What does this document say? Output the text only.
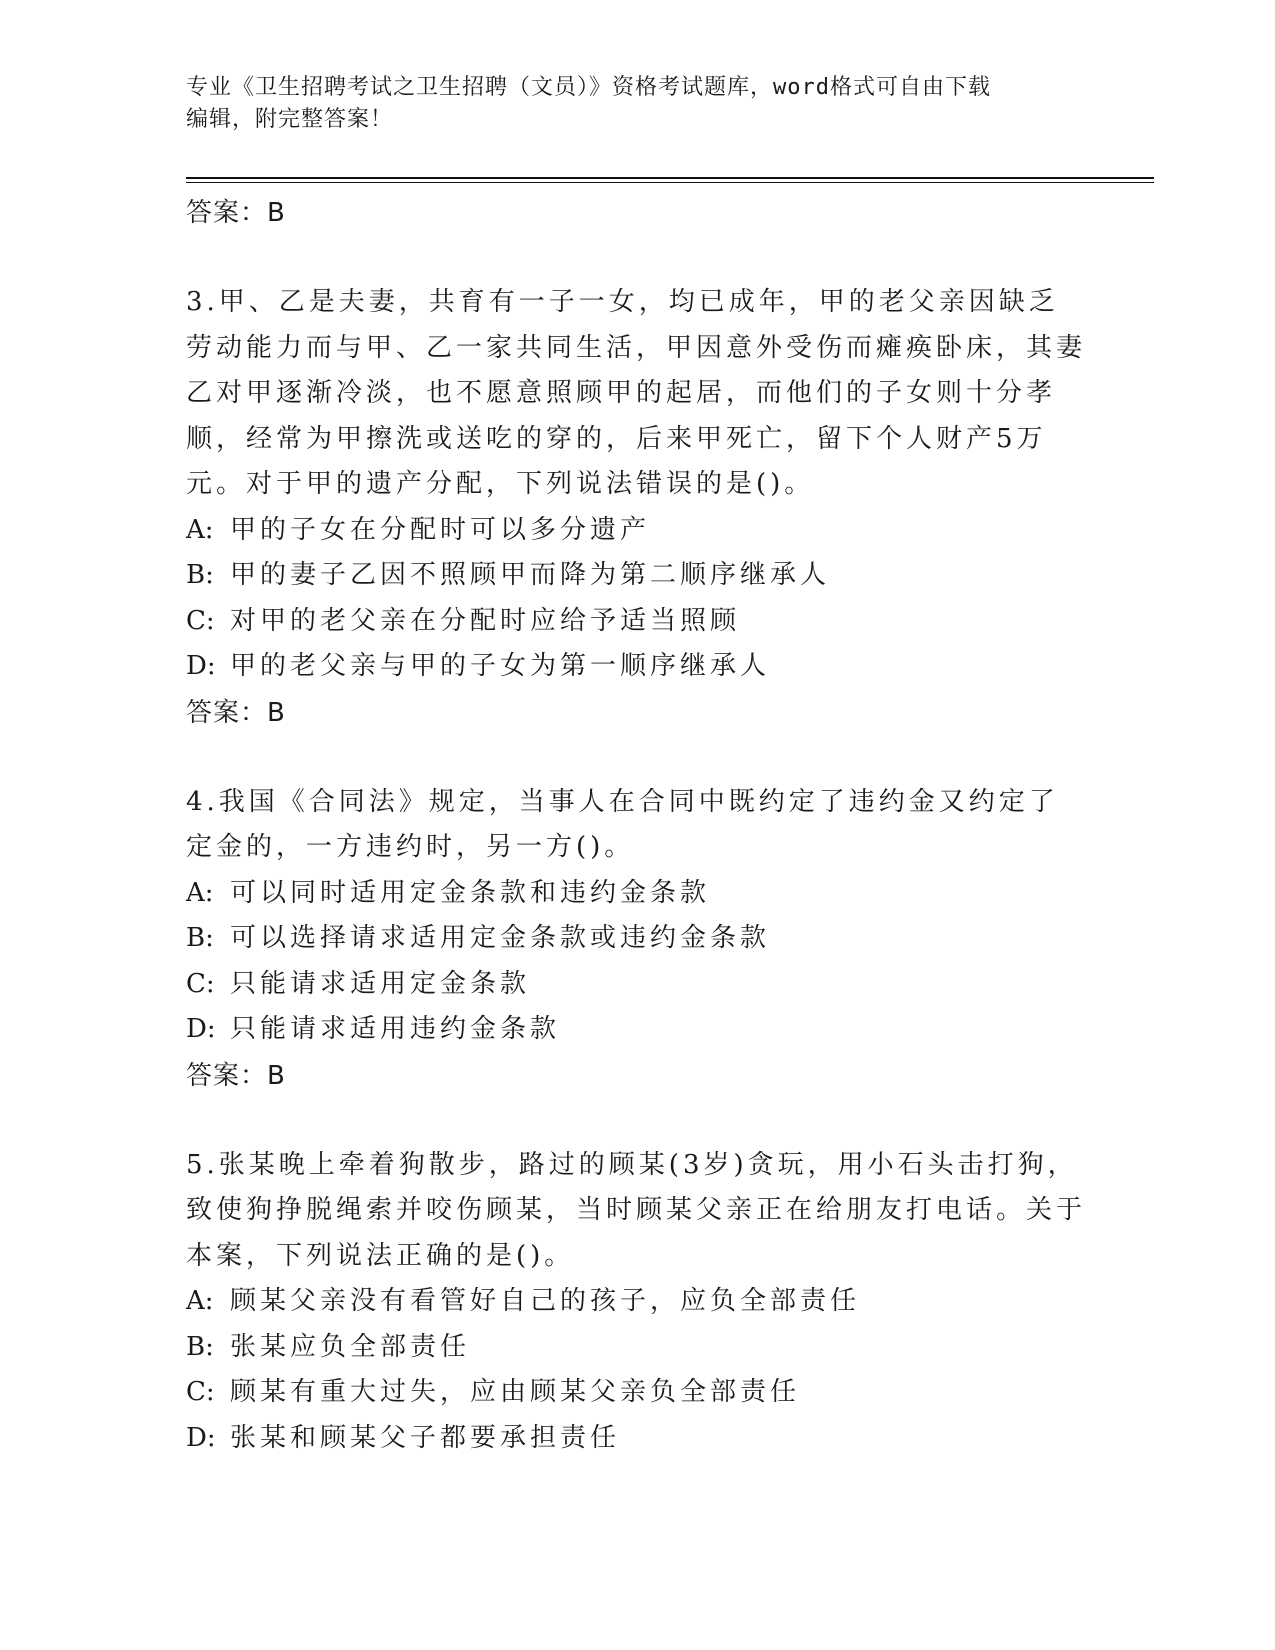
专业《卫生招聘考试之卫生招聘（文员）》资格考试题库，word格式可自由下载
编辑，附完整答案！
答案：B

3.甲、乙是夫妻，共育有一子一女，均已成年，甲的老父亲因缺乏劳动能力而与甲、乙一家共同生活，甲因意外受伤而瘫痪卧床，其妻乙对甲逐渐冷淡，也不愿意照顾甲的起居，而他们的子女则十分孝顺，经常为甲擦洗或送吃的穿的，后来甲死亡，留下个人财产5万元。对于甲的遗产分配，下列说法错误的是()。

A: 甲的子女在分配时可以多分遗产
B: 甲的妻子乙因不照顾甲而降为第二顺序继承人
C: 对甲的老父亲在分配时应给予适当照顾
D: 甲的老父亲与甲的子女为第一顺序继承人
答案：B

4.我国《合同法》规定，当事人在合同中既约定了违约金又约定了定金的，一方违约时，另一方()。

A: 可以同时适用定金条款和违约金条款
B: 可以选择请求适用定金条款或违约金条款
C: 只能请求适用定金条款
D: 只能请求适用违约金条款
答案：B

5.张某晚上牵着狗散步，路过的顾某(3岁)贪玩，用小石头击打狗，致使狗挣脱绳索并咬伤顾某，当时顾某父亲正在给朋友打电话。关于本案，下列说法正确的是()。

A: 顾某父亲没有看管好自己的孩子，应负全部责任
B: 张某应负全部责任
C: 顾某有重大过失，应由顾某父亲负全部责任
D: 张某和顾某父子都要承担责任
